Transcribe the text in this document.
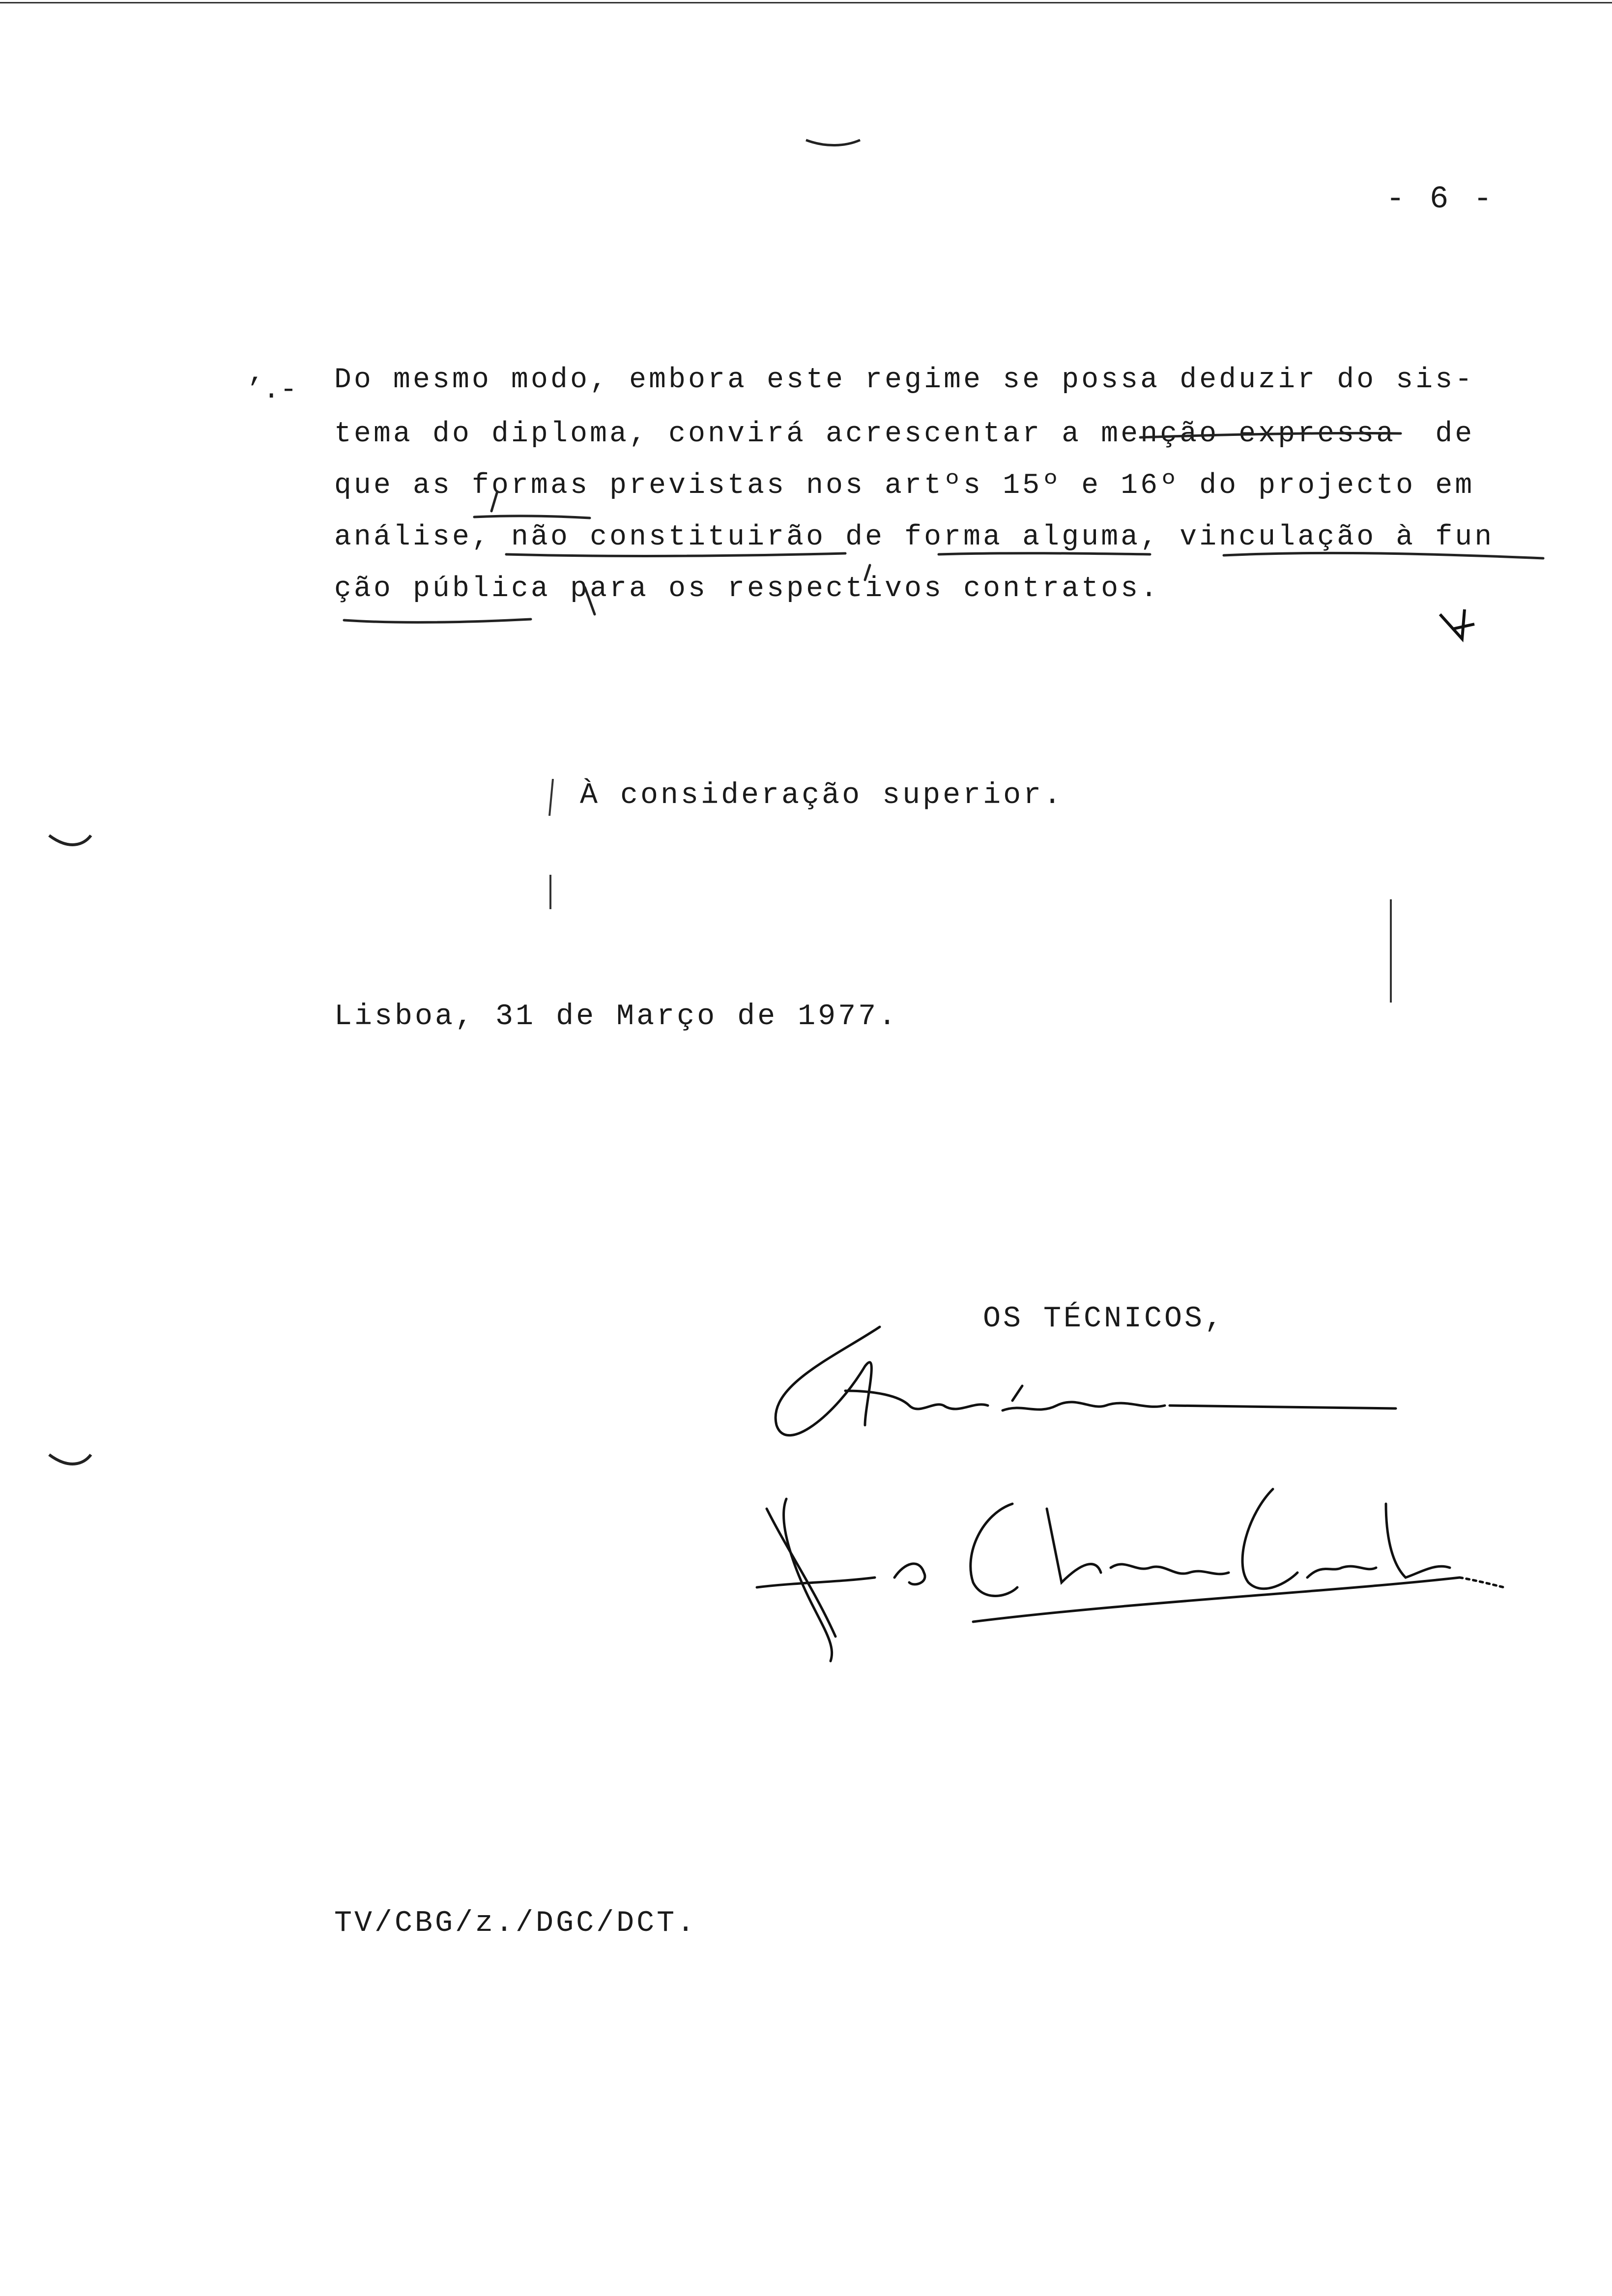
- 6 -
’.- Do mesmo modo, embora este regime se possa deduzir do sis-
tema do diploma, convirá acrescentar a menção expressa  de
que as formas previstas nos artºs 15º e 16º do projecto em
análise, não constituirão de forma alguma, vinculação à fun
ção pública para os respectivos contratos.
À consideração superior.
Lisboa, 31 de Março de 1977.
OS TÉCNICOS,
TV/CBG/z./DGC/DCT.
